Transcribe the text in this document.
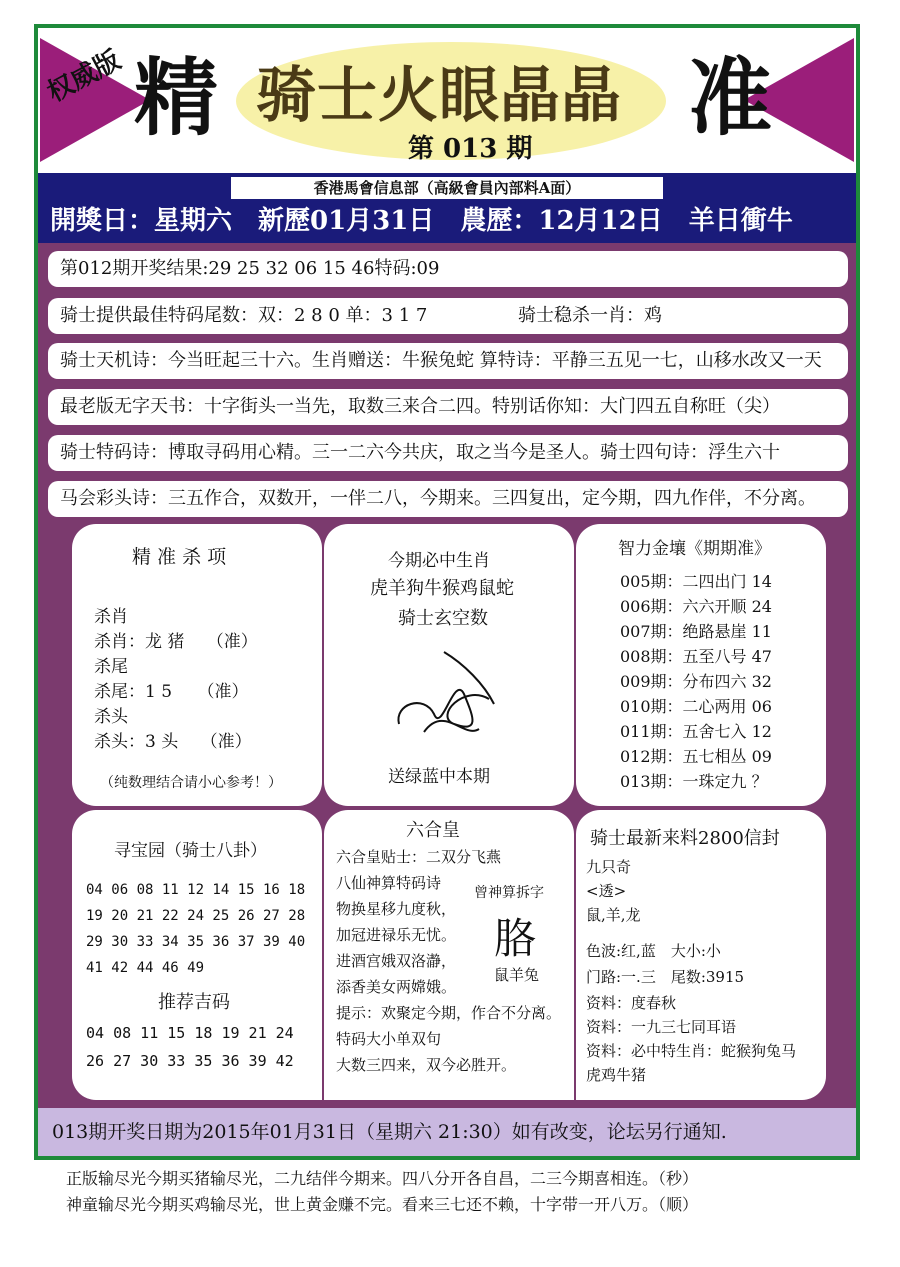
权威版 精	准
骑士火眼晶晶
第 013 期
香港馬會信息部（高級會員內部料A面）
開獎日：星期六　新歷01月31日　農歷：12月12日　羊日衝牛
第012期开奖结果:29 25 32 06 15 46特码:09
骑士提供最佳特码尾数：双：2 8 0 单：3 1 7	骑士稳杀一肖：鸡
骑士天机诗：今当旺起三十六。生肖赠送：牛猴兔蛇 算特诗：平静三五见一七，山移水改又一天
最老版无字天书：十字街头一当先，取数三来合二四。特别话你知：大门四五自称旺（尖）
骑士特码诗：博取寻码用心精。三一二六今共庆，取之当今是圣人。骑士四句诗：浮生六十
马会彩头诗：三五作合，双数开，一伴二八，今期来。三四复出，定今期，四九作伴，不分离。
精 准 杀 项
杀肖
杀肖：龙 猪　 （准）
杀尾
杀尾：1 5　　（准）
杀头
杀头：3 头　 （准）
（纯数理结合请小心参考！）
今期必中生肖
虎羊狗牛猴鸡鼠蛇
骑士玄空数
送绿蓝中本期
智力金壤《期期准》
005期：二四出门 14
006期：六六开顺 24
007期：绝路悬崖 11
008期：五至八号 47
009期：分布四六 32
010期：二心两用 06
011期：五舍七入 12
012期：五七相丛 09
013期：一珠定九 ？
寻宝园（骑士八卦）
04 06 08 11 12 14 15 16 18
19 20 21 22 24 25 26 27 28
29 30 33 34 35 36 37 39 40
41 42 44 46 49
推荐吉码
04 08 11 15 18 19 21 24
26 27 30 33 35 36 39 42
六合皇
六合皇贴士：二双分飞燕
八仙神算特码诗
物换星移九度秋，
加冠进禄乐无忧。
进酒宫娥双洛瀞，
添香美女两嫦娥。
提示：欢聚定今期，作合不分离。
特码大小单双句
大数三四来，双今必胜开。
曾神算拆字
胳
鼠羊兔
骑士最新来料2800信封
九只奇
<透>
鼠,羊,龙
色波:红,蓝　大小:小
门路:一.三　尾数:3915
资料：度春秋
资料：一九三七同耳语
资料：必中特生肖：蛇猴狗兔马
虎鸡牛猪
013期开奖日期为2015年01月31日（星期六 21:30）如有改变，论坛另行通知.
正版输尽光今期买猪输尽光，二九结伴今期来。四八分开各自昌，二三今期喜相连。（秒）
神童输尽光今期买鸡输尽光，世上黄金赚不完。看来三七还不赖，十字带一开八万。（顺）
